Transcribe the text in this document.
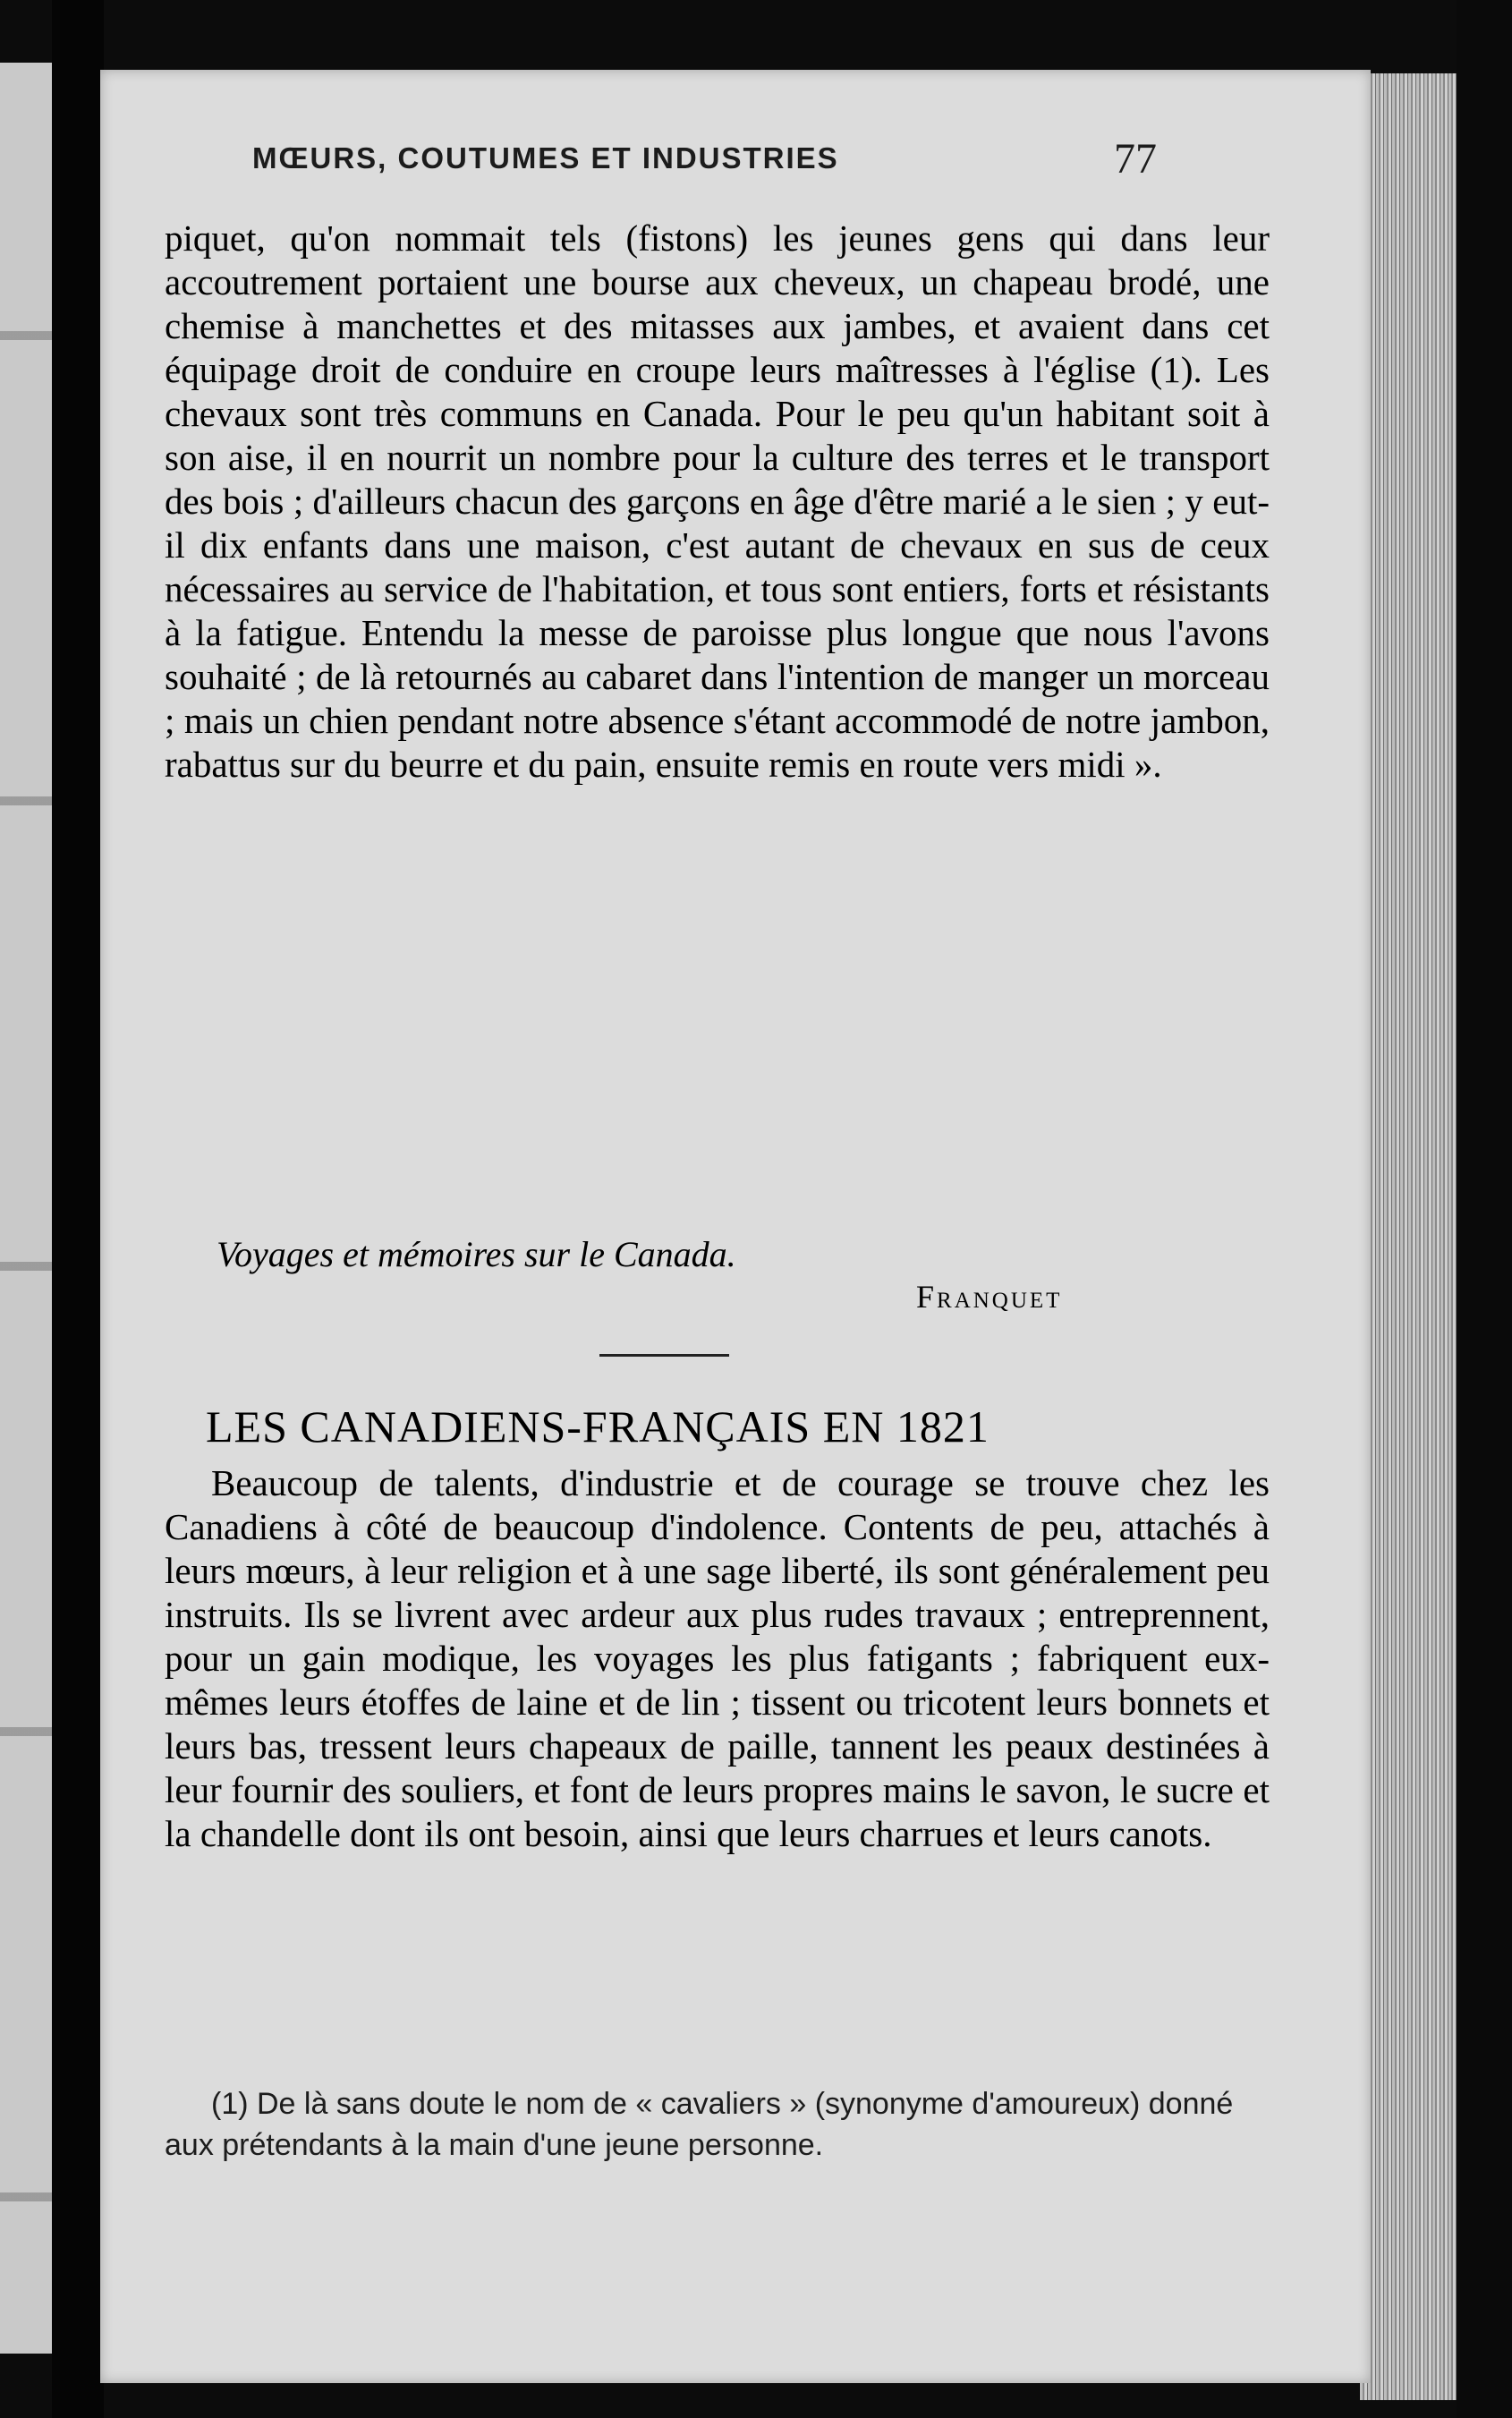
MŒURS, COUTUMES ET INDUSTRIES	77

piquet, qu'on nommait tels (fistons) les jeunes gens qui dans leur accoutrement portaient une bourse aux cheveux, un chapeau brodé, une chemise à manchettes et des mitasses aux jambes, et avaient dans cet équipage droit de conduire en croupe leurs maîtresses à l'église (1). Les chevaux sont très communs en Canada. Pour le peu qu'un habitant soit à son aise, il en nourrit un nombre pour la culture des terres et le transport des bois ; d'ailleurs chacun des garçons en âge d'être marié a le sien ; y eut-il dix enfants dans une maison, c'est autant de chevaux en sus de ceux nécessaires au service de l'habitation, et tous sont entiers, forts et résistants à la fatigue. Entendu la messe de paroisse plus longue que nous l'avons souhaité ; de là retournés au cabaret dans l'intention de manger un morceau ; mais un chien pendant notre absence s'étant accommodé de notre jambon, rabattus sur du beurre et du pain, ensuite remis en route vers midi ».

Voyages et mémoires sur le Canada.
Franquet
LES CANADIENS-FRANÇAIS EN 1821

Beaucoup de talents, d'industrie et de courage se trouve chez les Canadiens à côté de beaucoup d'indolence. Contents de peu, attachés à leurs mœurs, à leur religion et à une sage liberté, ils sont généralement peu instruits. Ils se livrent avec ardeur aux plus rudes travaux ; entreprennent, pour un gain modique, les voyages les plus fatigants ; fabriquent eux-mêmes leurs étoffes de laine et de lin ; tissent ou tricotent leurs bonnets et leurs bas, tressent leurs chapeaux de paille, tannent les peaux destinées à leur fournir des souliers, et font de leurs propres mains le savon, le sucre et la chandelle dont ils ont besoin, ainsi que leurs charrues et leurs canots.

(1) De là sans doute le nom de « cavaliers » (synonyme d'amoureux) donné aux prétendants à la main d'une jeune personne.
